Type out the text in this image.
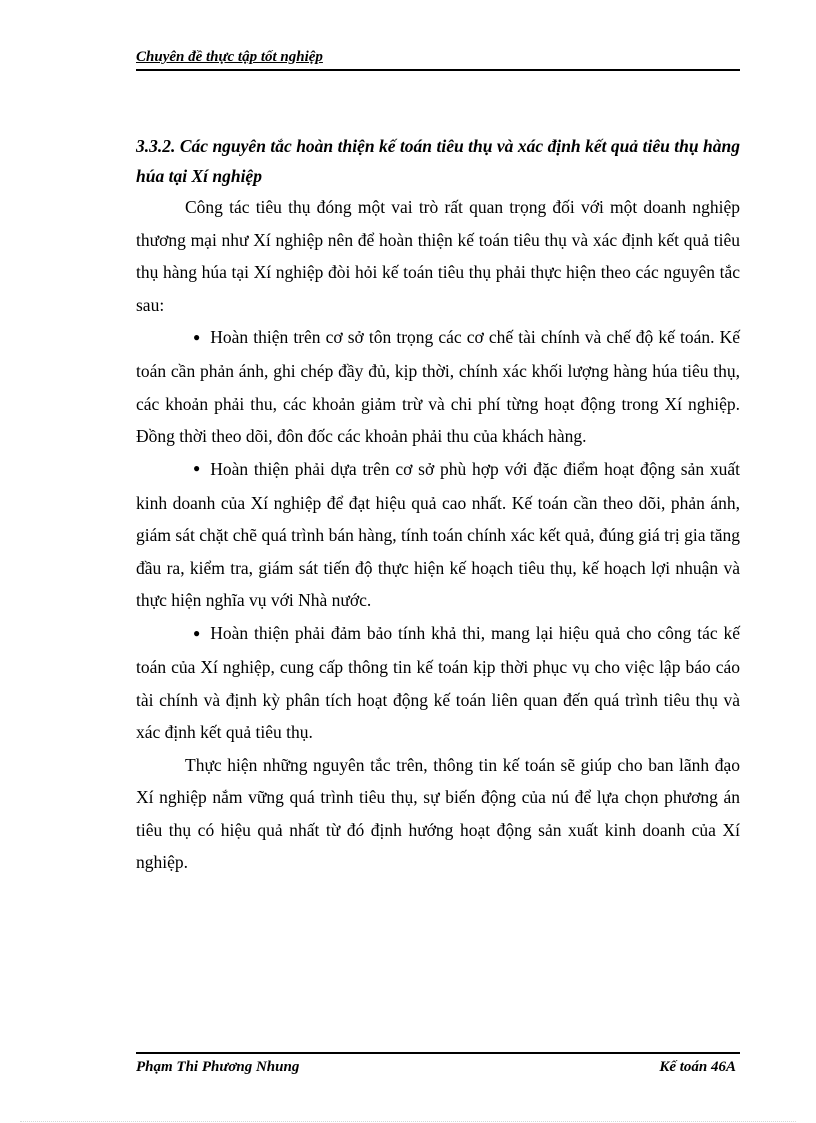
Chuyên đề thực tập tốt nghiệp

3.3.2. Các nguyên tắc hoàn thiện kế toán tiêu thụ và xác định kết quả tiêu thụ hàng húa tại Xí nghiệp

Công tác tiêu thụ đóng một vai trò rất quan trọng đối với một doanh nghiệp thương mại như Xí nghiệp nên để hoàn thiện kế toán tiêu thụ và xác định kết quả tiêu thụ hàng húa tại Xí nghiệp đòi hỏi kế toán tiêu thụ phải thực hiện theo các nguyên tắc sau:

● Hoàn thiện trên cơ sở tôn trọng các cơ chế tài chính và chế độ kế toán. Kế toán cần phản ánh, ghi chép đầy đủ, kịp thời, chính xác khối lượng hàng húa tiêu thụ, các khoản phải thu, các khoản giảm trừ và chi phí từng hoạt động trong Xí nghiệp. Đồng thời theo dõi, đôn đốc các khoản phải thu của khách hàng.

● Hoàn thiện phải dựa trên cơ sở phù hợp với đặc điểm hoạt động sản xuất kinh doanh của Xí nghiệp để đạt hiệu quả cao nhất. Kế toán cần theo dõi, phản ánh, giám sát chặt chẽ quá trình bán hàng, tính toán chính xác kết quả, đúng giá trị gia tăng đầu ra, kiểm tra, giám sát tiến độ thực hiện kế hoạch tiêu thụ, kế hoạch lợi nhuận và thực hiện nghĩa vụ với Nhà nước.

● Hoàn thiện phải đảm bảo tính khả thi, mang lại hiệu quả cho công tác kế toán của Xí nghiệp, cung cấp thông tin kế toán kịp thời phục vụ cho việc lập báo cáo tài chính và định kỳ phân tích hoạt động kế toán liên quan đến quá trình tiêu thụ và xác định kết quả tiêu thụ.

Thực hiện những nguyên tắc trên, thông tin kế toán sẽ giúp cho ban lãnh đạo Xí nghiệp nắm vững quá trình tiêu thụ, sự biến động của nú để lựa chọn phương án tiêu thụ có hiệu quả nhất từ đó định hướng hoạt động sản xuất kinh doanh của Xí nghiệp.

Phạm Thi Phương Nhung	Kế toán 46A
